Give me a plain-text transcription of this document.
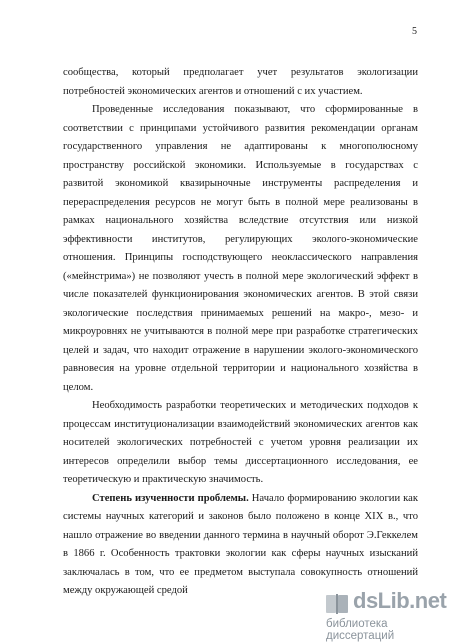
5

сообщества, который предполагает учет результатов экологизации потребностей экономических агентов и отношений с их участием.

Проведенные исследования показывают, что сформированные в соответствии с принципами устойчивого развития рекомендации органам государственного управления не адаптированы к многополюсному пространству российской экономики. Используемые в государствах с развитой экономикой квазирыночные инструменты распределения и перераспределения ресурсов не могут быть в полной мере реализованы в рамках национального хозяйства вследствие отсутствия или низкой эффективности институтов, регулирующих эколого-экономические отношения. Принципы господствующего неоклассического направления («мейнстрима») не позволяют учесть в полной мере экологический эффект в числе показателей функционирования экономических агентов. В этой связи экологические последствия принимаемых решений на макро-, мезо- и микроуровнях не учитываются в полной мере при разработке стратегических целей и задач, что находит отражение в нарушении эколого-экономического равновесия на уровне отдельной территории и национального хозяйства в целом.

Необходимость разработки теоретических и методических подходов к процессам институционализации взаимодействий экономических агентов как носителей экологических потребностей с учетом уровня реализации их интересов определили выбор темы диссертационного исследования, ее теоретическую и практическую значимость.

Степень изученности проблемы. Начало формированию экологии как системы научных категорий и законов было положено в конце XIX в., что нашло отражение во введении данного термина в научный оборот Э.Геккелем в 1866 г. Особенность трактовки экологии как сферы научных изысканий заключалась в том, что ее предметом выступала совокупность отношений между окружающей средой	dsLib.net
библиотека диссертаций
